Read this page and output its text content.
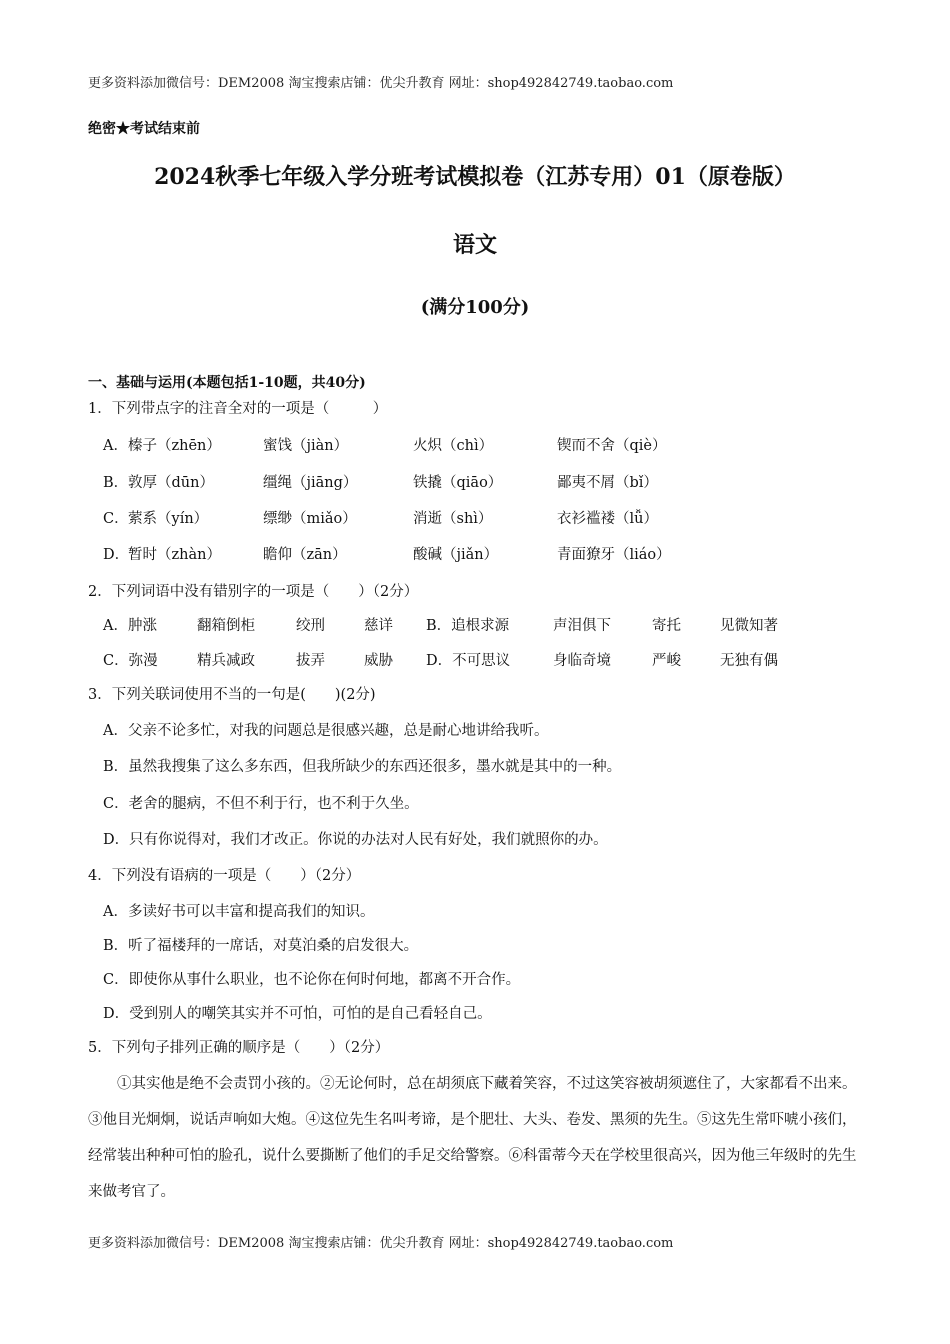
更多资料添加微信号：DEM2008 淘宝搜索店铺：优尖升教育 网址：shop492842749.taobao.com
绝密★考试结束前
2024秋季七年级入学分班考试模拟卷（江苏专用）01（原卷版）
语文
(满分100分)
一、基础与运用(本题包括1-10题，共40分)
1．下列带点字的注音全对的一项是（　　　）
A． 榛子（zhēn）	蜜饯（jiàn）	火炽（chì）	锲而不舍（qiè）
B． 敦厚（dūn）	缰绳（jiāng）	铁撬（qiāo）	鄙夷不屑（bǐ）
C． 萦系（yín）	缥缈（miǎo）	消逝（shì）	衣衫褴褛（lǚ）
D．
暂时（zhàn）	瞻仰（zān）	酸碱（jiǎn）	青面獠牙（liáo）
2．下列词语中没有错别字的一项是（　　）（2分）
A．肿涨	翻箱倒柜	绞刑	慈详 B．追根求源	声泪俱下	寄托	见微知著
C．弥漫	精兵减政	拔弄	威胁 D．不可思议	身临奇境	严峻	无独有偶
3．下列关联词使用不当的一句是(　　)(2分)
A．父亲不论多忙，对我的问题总是很感兴趣，总是耐心地讲给我听。
B．虽然我搜集了这么多东西，但我所缺少的东西还很多，墨水就是其中的一种。
C．老舍的腿病，不但不利于行，也不利于久坐。
D．只有你说得对，我们才改正。你说的办法对人民有好处，我们就照你的办。
4．下列没有语病的一项是（　　）（2分）
A．多读好书可以丰富和提高我们的知识。
B．听了福楼拜的一席话，对莫泊桑的启发很大。
C．即使你从事什么职业，也不论你在何时何地，都离不开合作。
D．受到别人的嘲笑其实并不可怕，可怕的是自己看轻自己。
5．下列句子排列正确的顺序是（　　）（2分）
①其实他是绝不会责罚小孩的。②无论何时，总在胡须底下藏着笑容，不过这笑容被胡须遮住了，大家都看不出来。③他目光炯炯，说话声响如大炮。④这位先生名叫考谛，是个肥壮、大头、卷发、黑须的先生。⑤这先生常吓唬小孩们，经常装出种种可怕的脸孔，说什么要撕断了他们的手足交给警察。⑥科雷蒂今天在学校里很高兴，因为他三年级时的先生来做考官了。
更多资料添加微信号：DEM2008 淘宝搜索店铺：优尖升教育 网址：shop492842749.taobao.com
